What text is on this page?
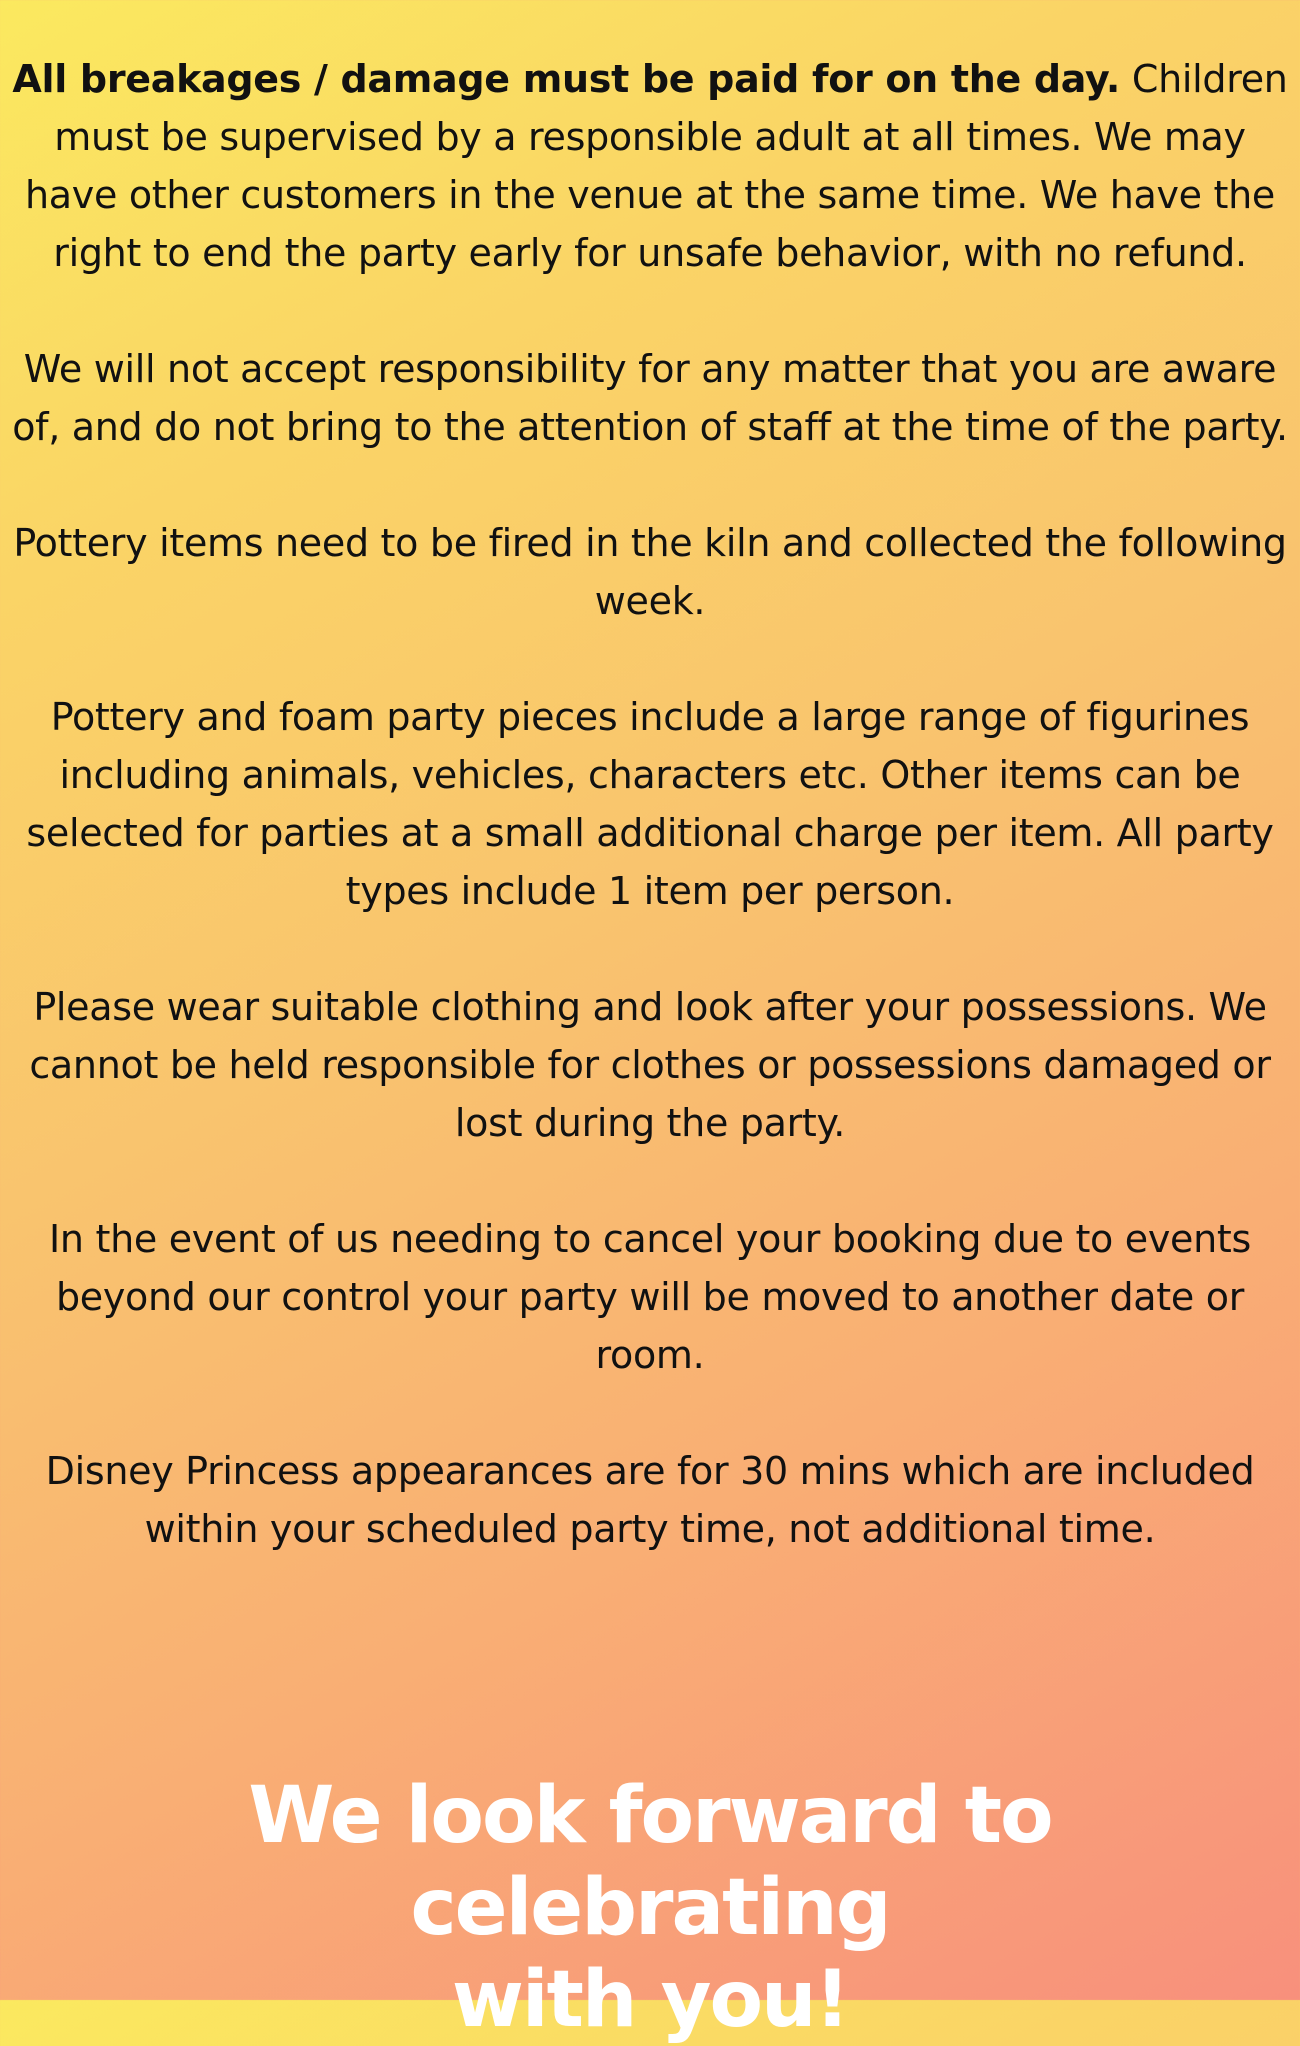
All breakages / damage must be paid for on the day. Children must be supervised by a responsible adult at all times. We may have other customers in the venue at the same time. We have the right to end the party early for unsafe behavior, with no refund.

We will not accept responsibility for any matter that you are aware of, and do not bring to the attention of staff at the time of the party.

Pottery items need to be fired in the kiln and collected the following week.

Pottery and foam party pieces include a large range of figurines including animals, vehicles, characters etc. Other items can be selected for parties at a small additional charge per item. All party types include 1 item per person.

Please wear suitable clothing and look after your possessions. We cannot be held responsible for clothes or possessions damaged or lost during the party.

In the event of us needing to cancel your booking due to events beyond our control your party will be moved to another date or room.

Disney Princess appearances are for 30 mins which are included within your scheduled party time, not additional time.

We look forward to celebrating
with you!
